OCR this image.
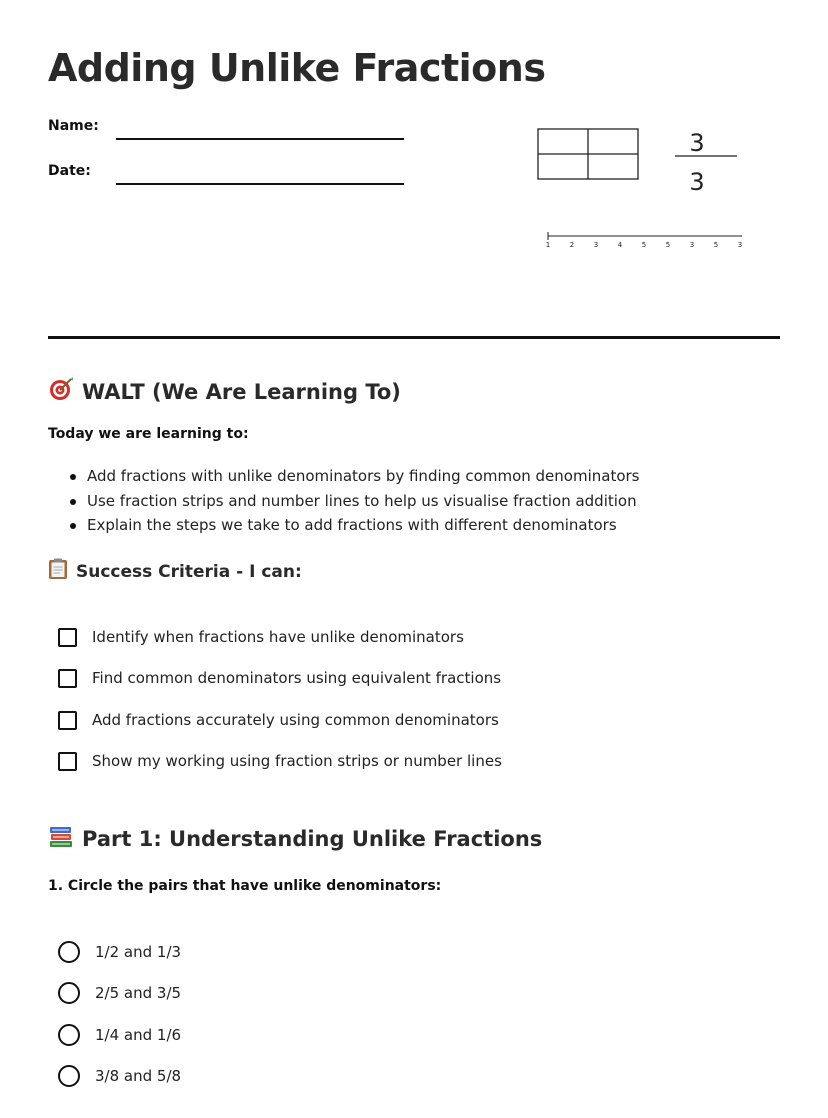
Adding Unlike Fractions
Name:
Date:
3
3
1	2	3	4	5	5	3	5	3
WALT (We Are Learning To)
Today we are learning to:
Add fractions with unlike denominators by finding common denominators
Use fraction strips and number lines to help us visualise fraction addition
Explain the steps we take to add fractions with different denominators
Success Criteria - I can:
Identify when fractions have unlike denominators
Find common denominators using equivalent fractions
Add fractions accurately using common denominators
Show my working using fraction strips or number lines
Part 1: Understanding Unlike Fractions
1. Circle the pairs that have unlike denominators:
1/2 and 1/3
2/5 and 3/5
1/4 and 1/6
3/8 and 5/8
